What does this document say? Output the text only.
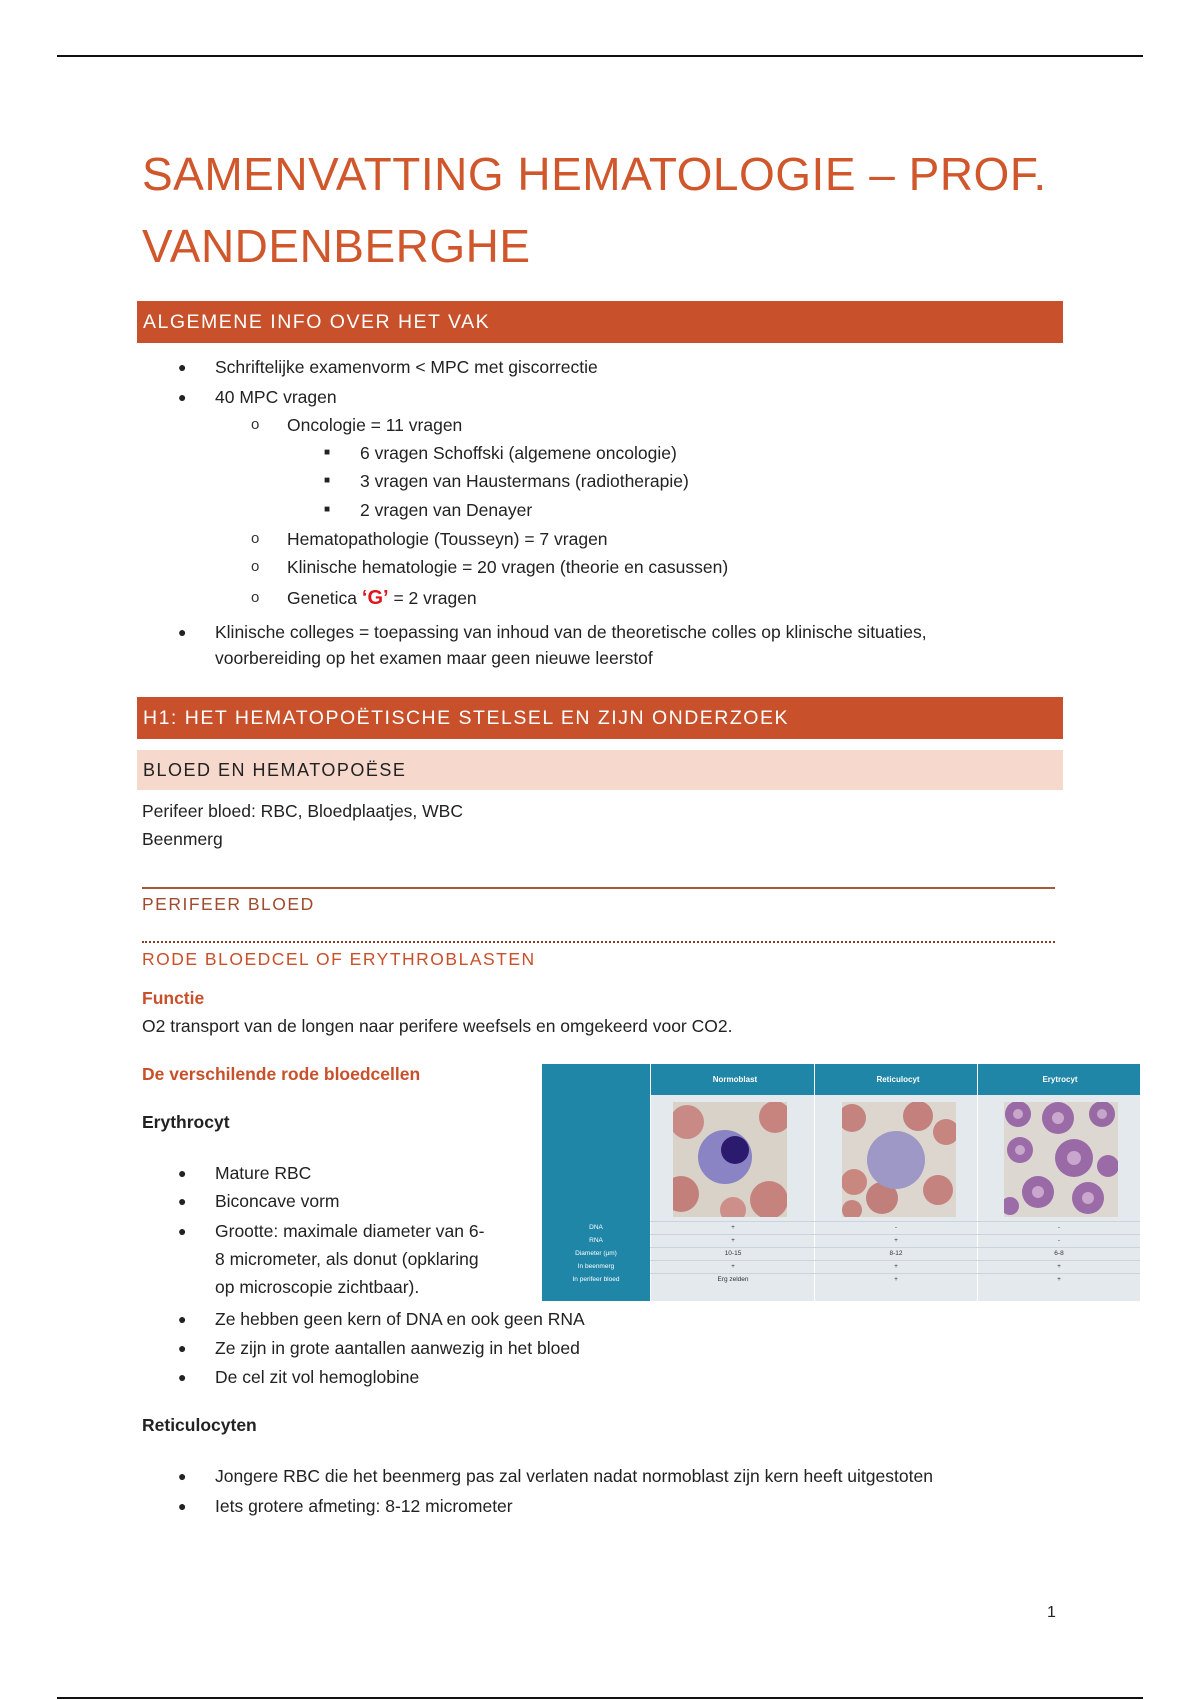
SAMENVATTING HEMATOLOGIE – PROF.
VANDENBERGHE
ALGEMENE INFO OVER HET VAK
● Schriftelijke examenvorm < MPC met giscorrectie
● 40 MPC vragen
o Oncologie = 11 vragen
■ 6 vragen Schoffski (algemene oncologie)
■ 3 vragen van Haustermans (radiotherapie)
■ 2 vragen van Denayer
o Hematopathologie (Tousseyn) = 7 vragen
o Klinische hematologie = 20 vragen (theorie en casussen)
o Genetica ‘G’ = 2 vragen
● Klinische colleges = toepassing van inhoud van de theoretische colles op klinische situaties,
voorbereiding op het examen maar geen nieuwe leerstof
H1: HET HEMATOPOËTISCHE STELSEL EN ZIJN ONDERZOEK
BLOED EN HEMATOPOËSE
Perifeer bloed: RBC, Bloedplaatjes, WBC
Beenmerg
PERIFEER BLOED
RODE BLOEDCEL OF ERYTHROBLASTEN
Functie
O2 transport van de longen naar perifere weefsels en omgekeerd voor CO2.
De verschilende rode bloedcellen
Erythrocyt
● Mature RBC
● Biconcave vorm
● Grootte: maximale diameter van 6-
8 micrometer, als donut (opklaring
op microscopie zichtbaar).
● Ze hebben geen kern of DNA en ook geen RNA
● Ze zijn in grote aantallen aanwezig in het bloed
● De cel zit vol hemoglobine
Reticulocyten
● Jongere RBC die het beenmerg pas zal verlaten nadat normoblast zijn kern heeft uitgestoten
● Iets grotere afmeting: 8-12 micrometer
Normoblast	Reticulocyt	Erytrocyt
DNA	+	-	-
RNA	+	+	-
Diameter (µm)	10-15	8-12	6-8
In beenmerg	+	+	+
In perifeer bloed	Erg zelden	+	+
1
